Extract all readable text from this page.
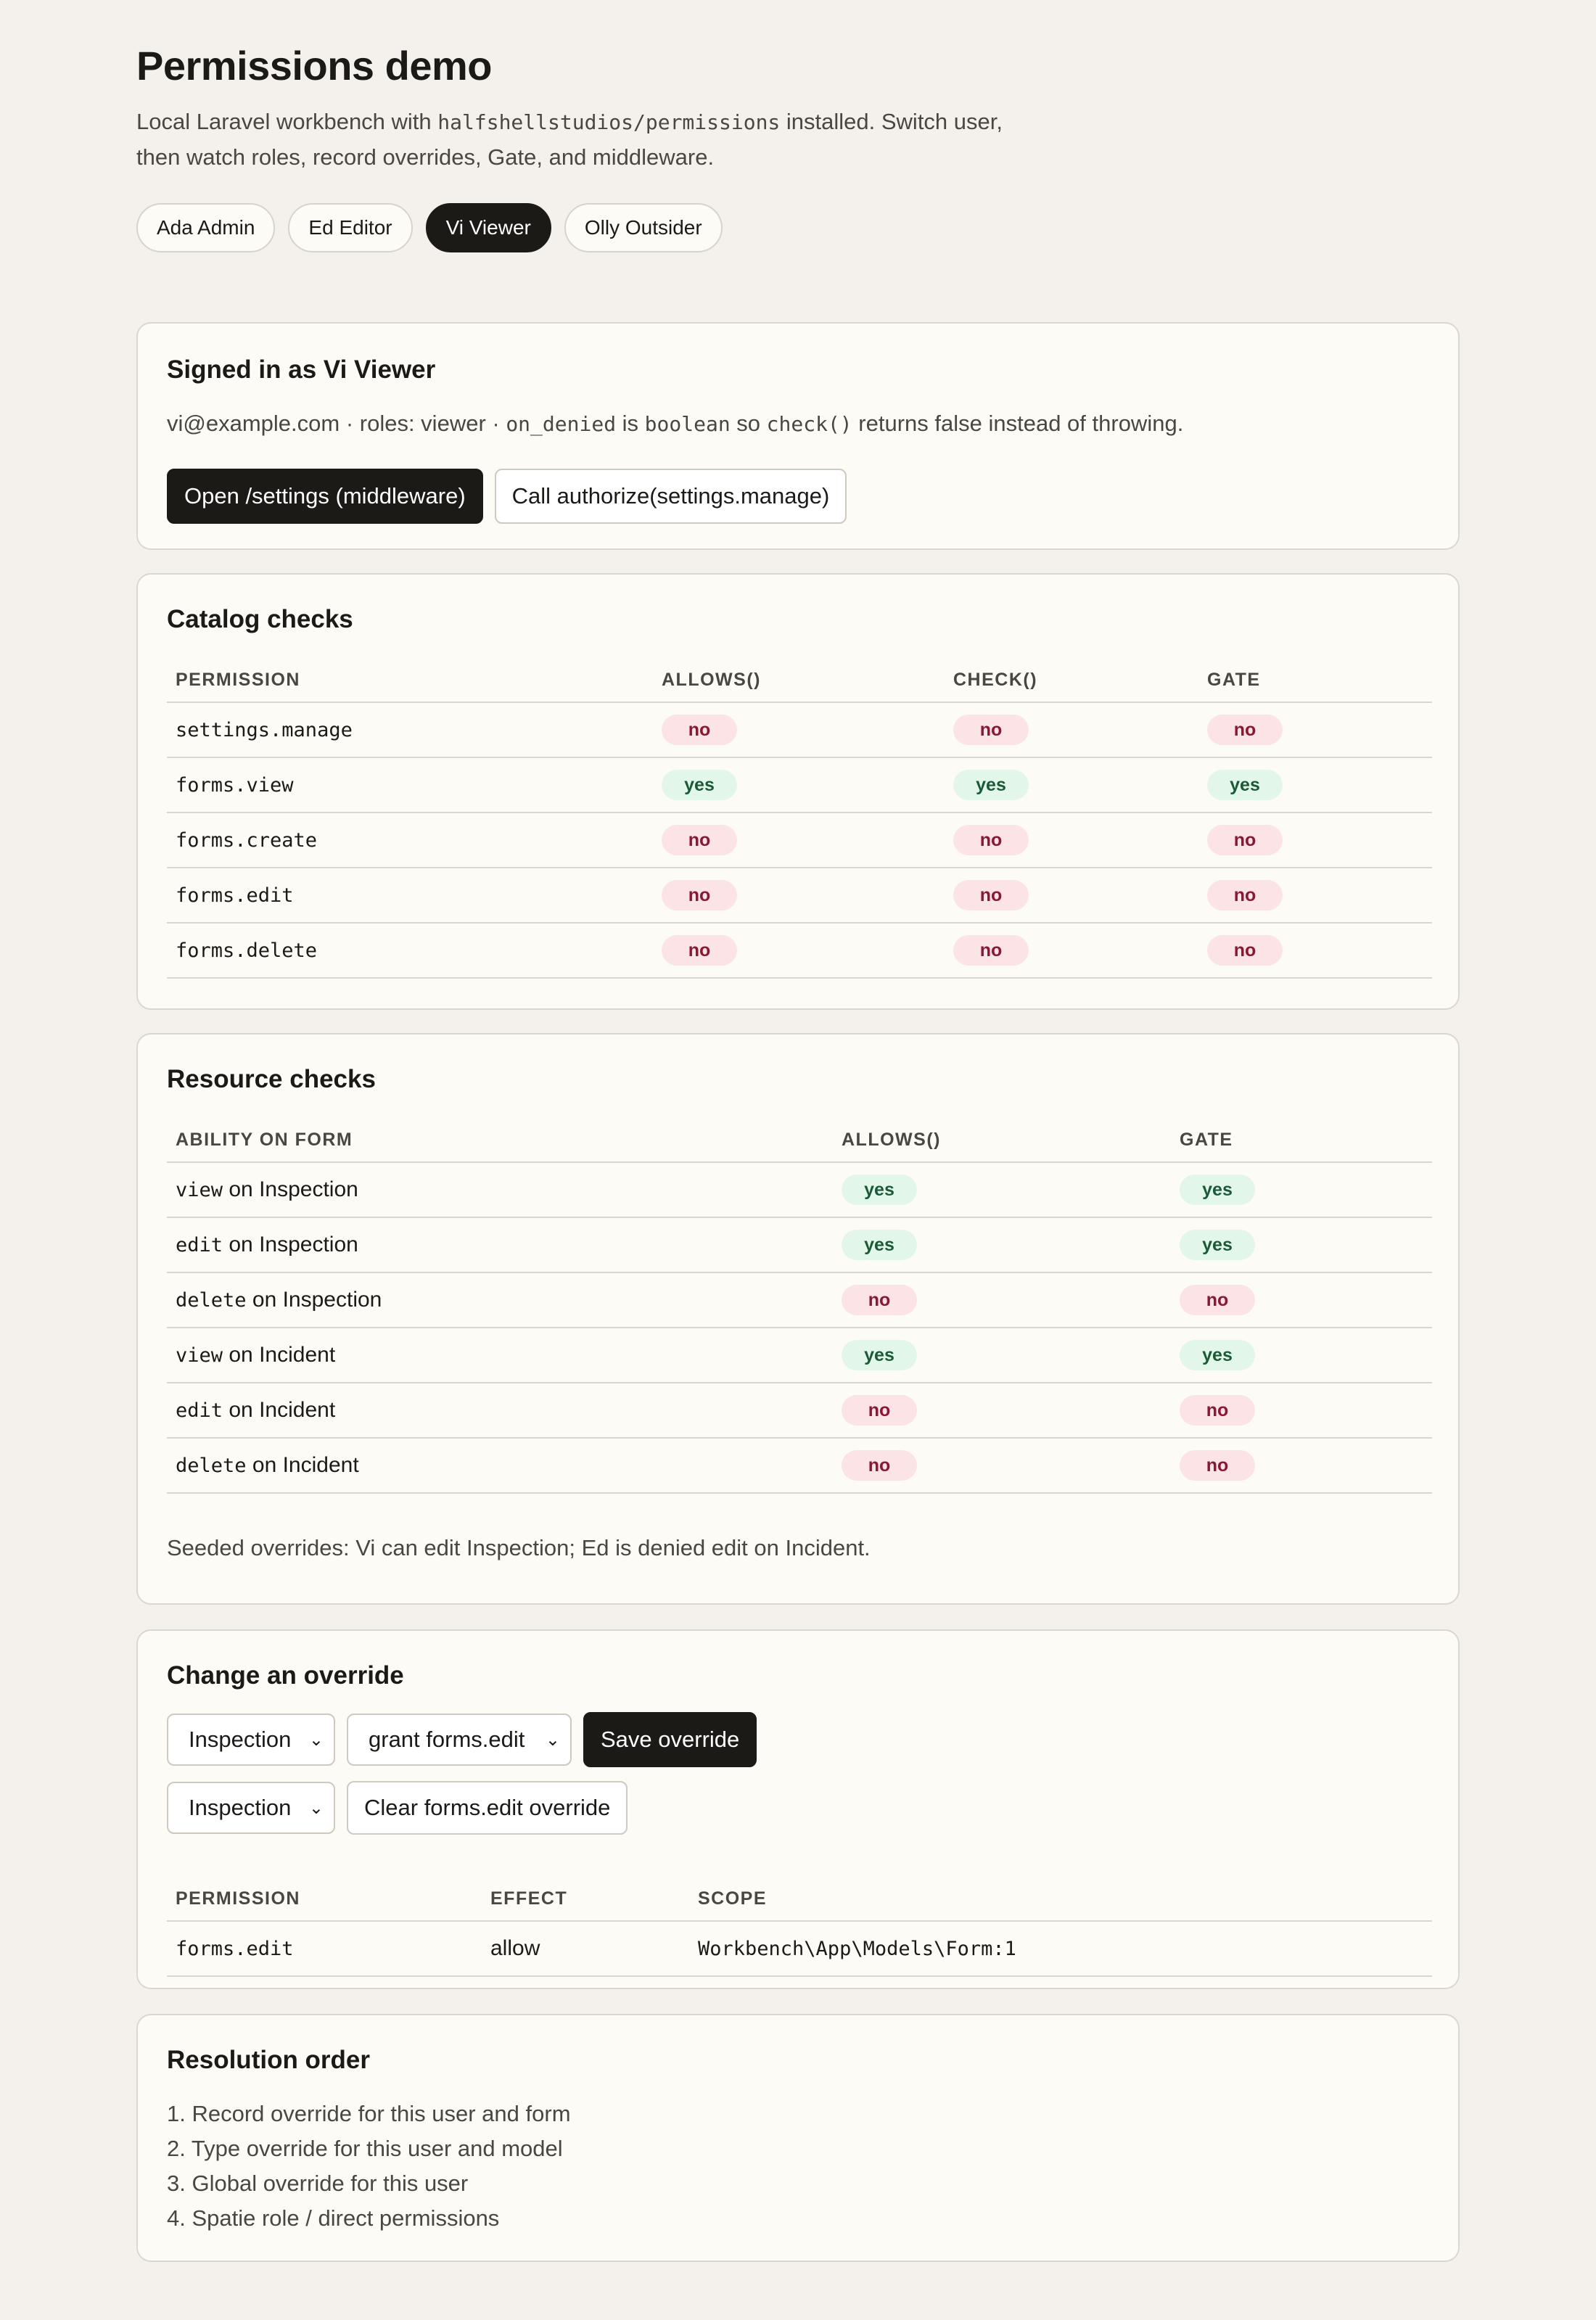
Permissions demo

Local Laravel workbench with halfshellstudios/permissions installed. Switch user,
then watch roles, record overrides, Gate, and middleware.

Ada Admin	Ed Editor	Vi Viewer	Olly Outsider
Signed in as Vi Viewer

vi@example.com · roles: viewer · on_denied is boolean so check() returns false instead of throwing.

Open /settings (middleware)	Call authorize(settings.manage)
Catalog checks
PERMISSION	ALLOWS()	CHECK()	GATE
settings.manage	no	no	no
forms.view	yes	yes	yes
forms.create	no	no	no
forms.edit	no	no	no
forms.delete	no	no	no
Resource checks
ABILITY ON FORM	ALLOWS()	GATE
view on Inspection	yes	yes
edit on Inspection	yes	yes
delete on Inspection	no	no
view on Incident	yes	yes
edit on Incident	no	no
delete on Incident	no	no

Seeded overrides: Vi can edit Inspection; Ed is denied edit on Incident.

Change an override
Inspection ⌄ grant forms.edit ⌄	Save override
Inspection ⌄	Clear forms.edit override
PERMISSION	EFFECT	SCOPE
forms.edit	allow	Workbench\App\Models\Form:1
Resolution order
1. Record override for this user and form
2. Type override for this user and model
3. Global override for this user
4. Spatie role / direct permissions
